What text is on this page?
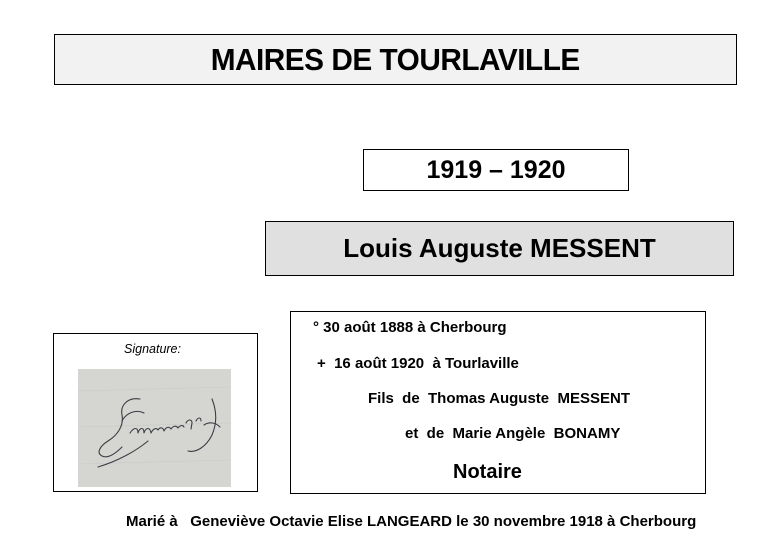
MAIRES DE TOURLAVILLE
1919 – 1920
Louis Auguste MESSENT
Signature:
° 30 août 1888 à Cherbourg
+  16 août 1920  à Tourlaville
Fils  de  Thomas Auguste  MESSENT
et  de  Marie Angèle  BONAMY
Notaire
Marié à   Geneviève Octavie Elise LANGEARD le 30 novembre 1918 à Cherbourg
